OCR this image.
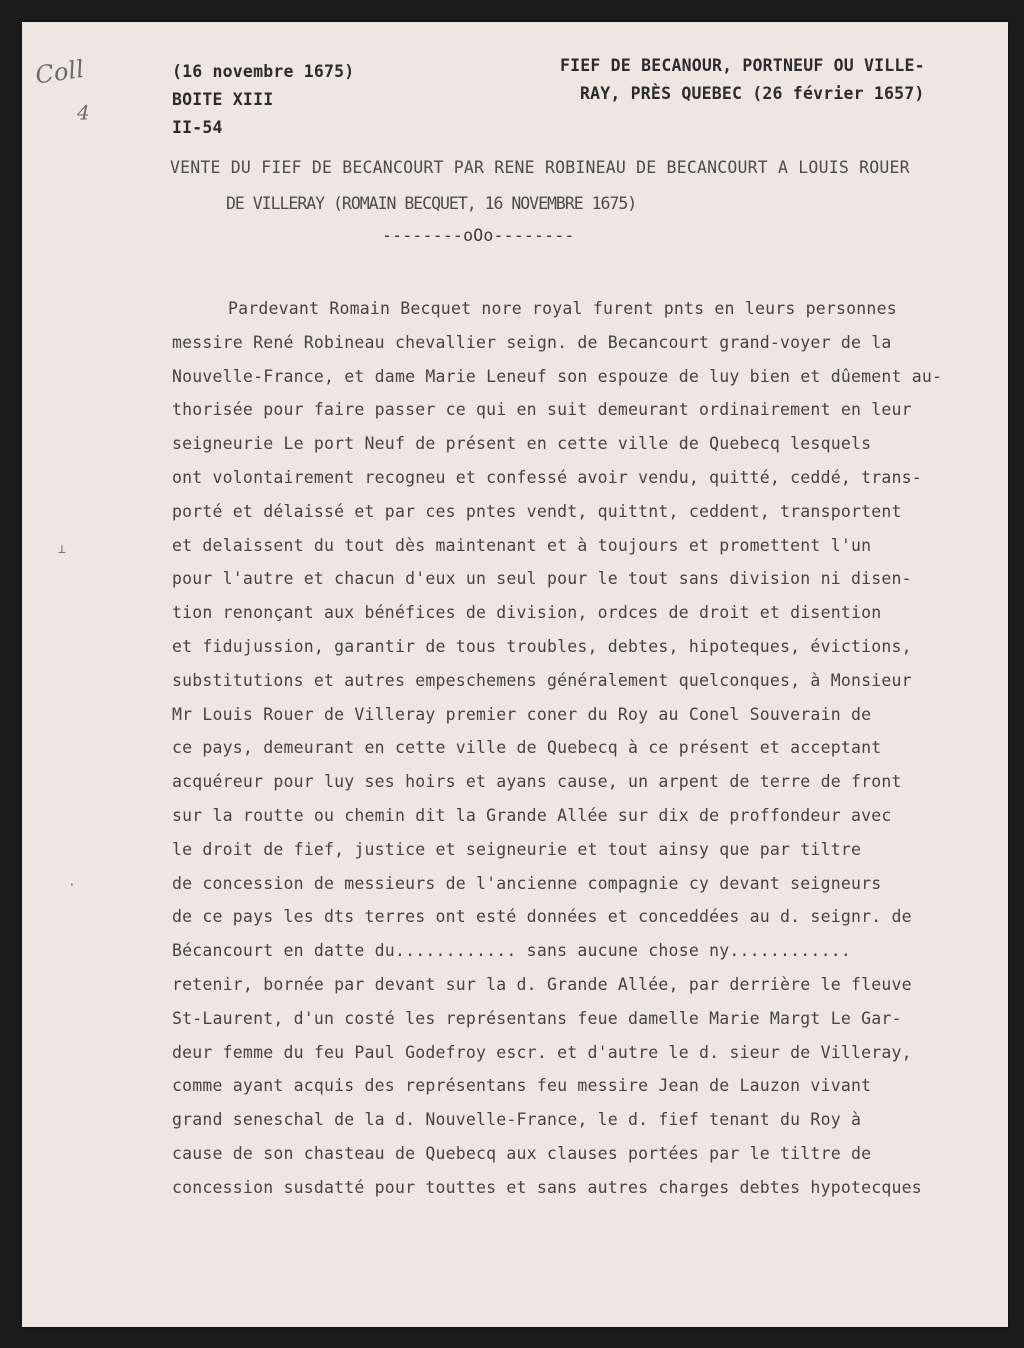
Coll
4
(16 novembre 1675)
BOITE XIII
II-54
FIEF DE BECANOUR, PORTNEUF OU VILLE-
RAY, PRÈS QUEBEC (26 février 1657)
VENTE DU FIEF DE BECANCOURT PAR RENE ROBINEAU DE BECANCOURT A LOUIS ROUER
DE VILLERAY (ROMAIN BECQUET, 16 NOVEMBRE 1675)
--------oOo--------
⊥
·
Pardevant Romain Becquet nore royal furent pnts en leurs personnes
messire René Robineau chevallier seign. de Becancourt grand-voyer de la
Nouvelle-France, et dame Marie Leneuf son espouze de luy bien et dûement au-
thorisée pour faire passer ce qui en suit demeurant ordinairement en leur
seigneurie Le port Neuf de présent en cette ville de Quebecq lesquels
ont volontairement recogneu et confessé avoir vendu, quitté, ceddé, trans-
porté et délaissé et par ces pntes vendt, quittnt, ceddent, transportent
et delaissent du tout dès maintenant et à toujours et promettent l'un
pour l'autre et chacun d'eux un seul pour le tout sans division ni disen-
tion renonçant aux bénéfices de division, ordces de droit et disention
et fidujussion, garantir de tous troubles, debtes, hipoteques, évictions,
substitutions et autres empeschemens généralement quelconques, à Monsieur
Mr Louis Rouer de Villeray premier coner du Roy au Conel Souverain de
ce pays, demeurant en cette ville de Quebecq à ce présent et acceptant
acquéreur pour luy ses hoirs et ayans cause, un arpent de terre de front
sur la routte ou chemin dit la Grande Allée sur dix de proffondeur avec
le droit de fief, justice et seigneurie et tout ainsy que par tiltre
de concession de messieurs de l'ancienne compagnie cy devant seigneurs
de ce pays les dts terres ont esté données et conceddées au d. seignr. de
Bécancourt en datte du............ sans aucune chose ny............
retenir, bornée par devant sur la d. Grande Allée, par derrière le fleuve
St-Laurent, d'un costé les représentans feue damelle Marie Margt Le Gar-
deur femme du feu Paul Godefroy escr. et d'autre le d. sieur de Villeray,
comme ayant acquis des représentans feu messire Jean de Lauzon vivant
grand seneschal de la d. Nouvelle-France, le d. fief tenant du Roy à
cause de son chasteau de Quebecq aux clauses portées par le tiltre de
concession susdatté pour touttes et sans autres charges debtes hypotecques
